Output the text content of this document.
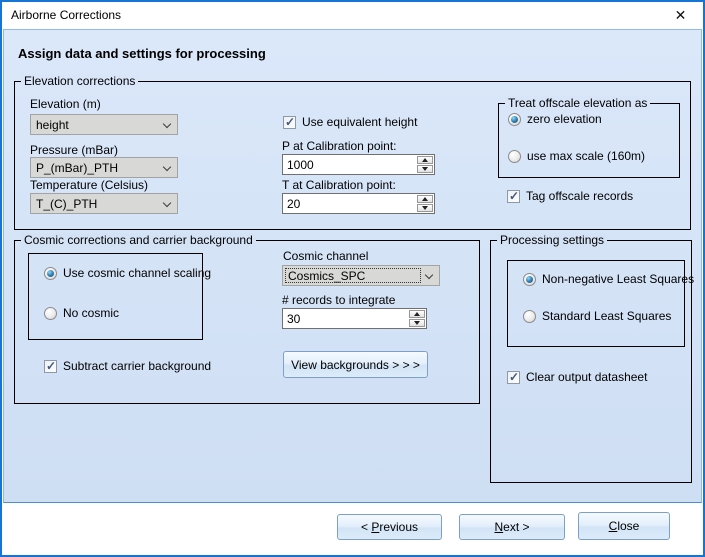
Airborne Corrections	✕
Assign data and settings for processing
Elevation corrections
Elevation (m)
height
Pressure (mBar)
P_(mBar)_PTH
Temperature (Celsius)
T_(C)_PTH
✓
Use equivalent height
P at Calibration point:
1000
T at Calibration point:
20
Treat offscale elevation as
zero elevation
use max scale (160m)
✓
Tag offscale records
Cosmic corrections and carrier background
Use cosmic channel scaling
No cosmic
✓
Subtract carrier background
Cosmic channel
Cosmics_SPC
# records to integrate
30
View backgrounds > > >
Processing settings
Non-negative Least Squares
Standard Least Squares
✓
Clear output datasheet
< P revious	N ext >	C lose
